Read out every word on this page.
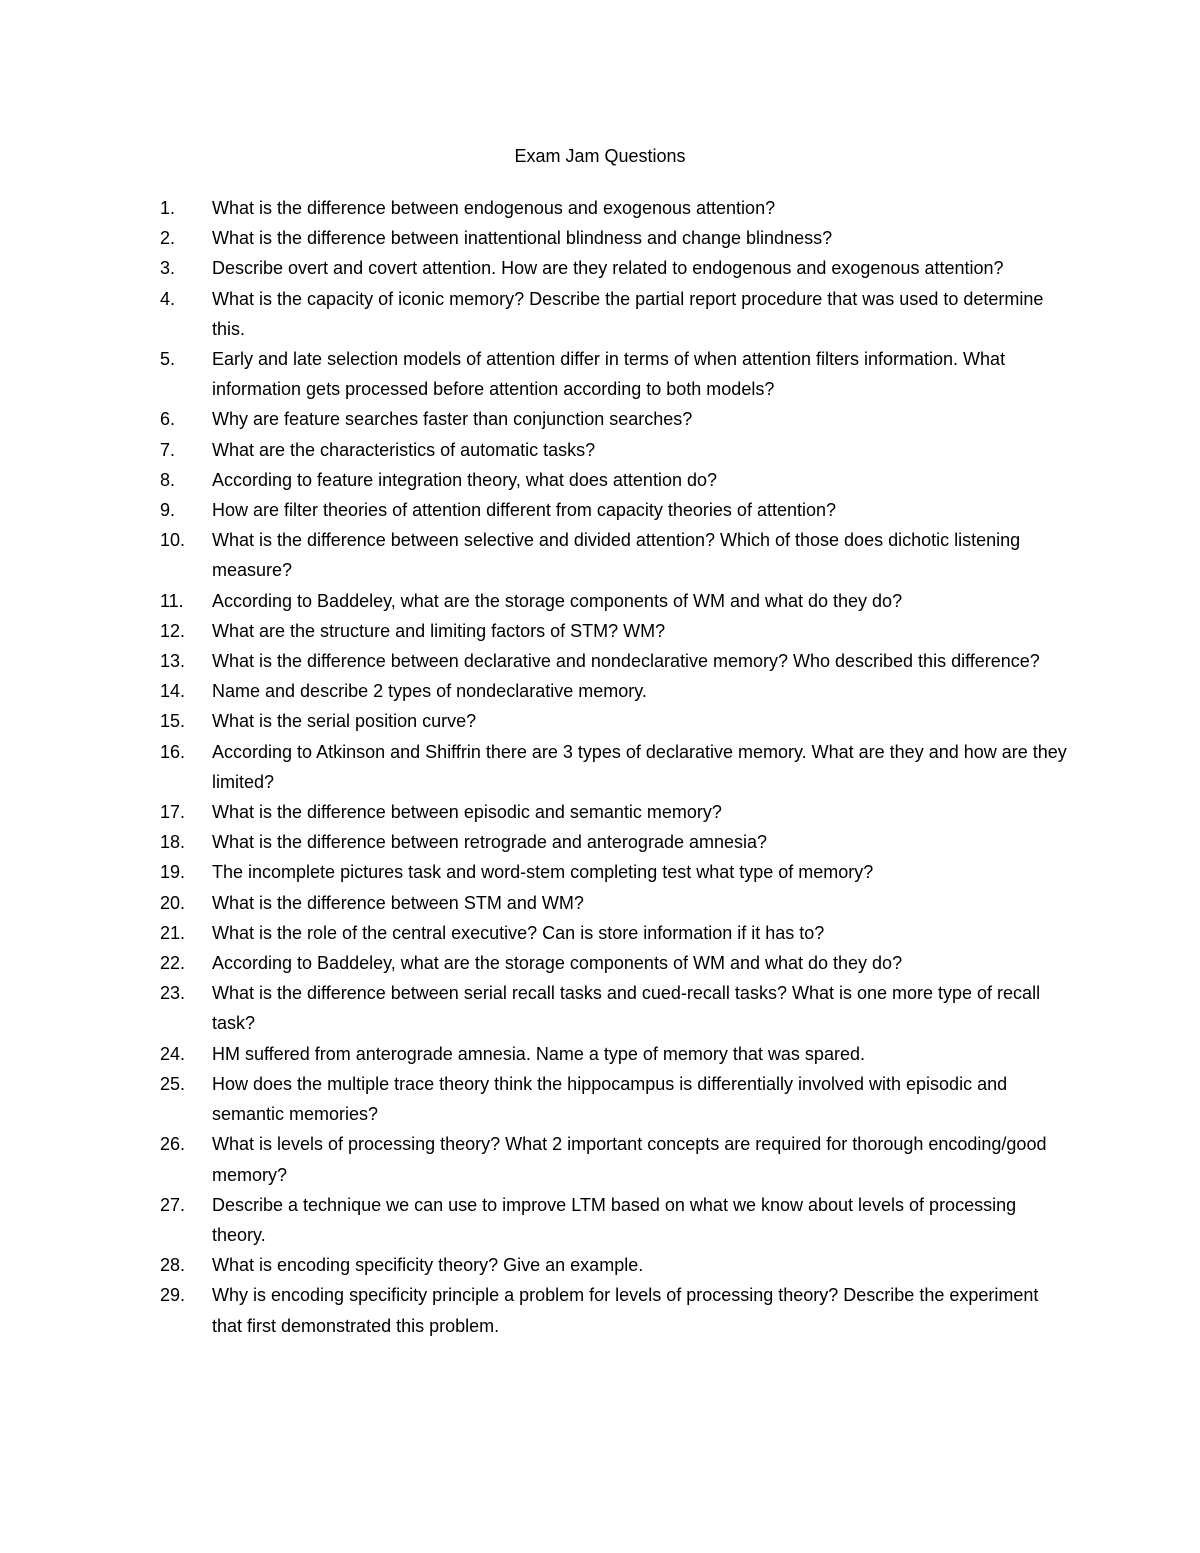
Exam Jam Questions
1.	What is the difference between endogenous and exogenous attention?
2.	What is the difference between inattentional blindness and change blindness?
3.	Describe overt and covert attention. How are they related to endogenous and exogenous attention?
4.	What is the capacity of iconic memory? Describe the partial report procedure that was used to determine this.
5.	Early and late selection models of attention differ in terms of when attention filters information. What information gets processed before attention according to both models?
6.	Why are feature searches faster than conjunction searches?
7.	What are the characteristics of automatic tasks?
8.	According to feature integration theory, what does attention do?
9.	How are filter theories of attention different from capacity theories of attention?
10.	What is the difference between selective and divided attention? Which of those does dichotic listening measure?
11.	According to Baddeley, what are the storage components of WM and what do they do?
12.	What are the structure and limiting factors of STM? WM?
13.	What is the difference between declarative and nondeclarative memory? Who described this difference?
14.	Name and describe 2 types of nondeclarative memory.
15.	What is the serial position curve?
16.	According to Atkinson and Shiffrin there are 3 types of declarative memory. What are they and how are they limited?
17.	What is the difference between episodic and semantic memory?
18.	What is the difference between retrograde and anterograde amnesia?
19.	The incomplete pictures task and word-stem completing test what type of memory?
20.	What is the difference between STM and WM?
21.	What is the role of the central executive? Can is store information if it has to?
22.	According to Baddeley, what are the storage components of WM and what do they do?
23.	What is the difference between serial recall tasks and cued-recall tasks? What is one more type of recall task?
24.	HM suffered from anterograde amnesia. Name a type of memory that was spared.
25.	How does the multiple trace theory think the hippocampus is differentially involved with episodic and semantic memories?
26.	What is levels of processing theory? What 2 important concepts are required for thorough encoding/good memory?
27.	Describe a technique we can use to improve LTM based on what we know about levels of processing theory.
28.	What is encoding specificity theory? Give an example.
29.	Why is encoding specificity principle a problem for levels of processing theory? Describe the experiment that first demonstrated this problem.
